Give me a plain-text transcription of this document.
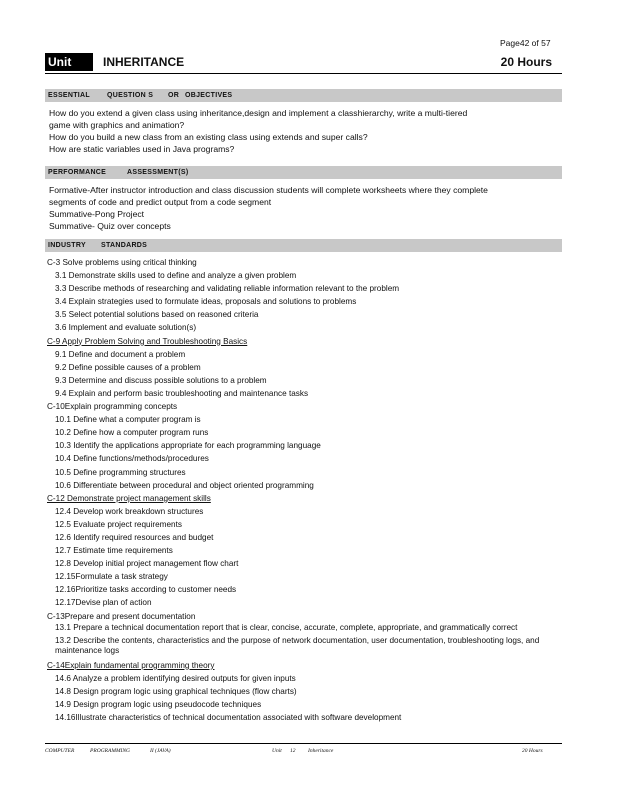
Page42 of 57
Unit 12
INHERITANCE	20 Hours
ESSENTIAL QUESTION S OR OBJECTIVES
How do you extend a given class using inheritance,design and implement a classhierarchy, write a multi-tiered
game with graphics and animation?
How do you build a new class from an existing class using extends and super calls?
How are static variables used in Java programs?
PERFORMANCE	ASSESSMENT(S)
Formative-After instructor introduction and class discussion students will complete worksheets where they complete
segments of code and predict output from a code segment
Summative-Pong Project
Summative- Quiz over concepts
INDUSTRY STANDARDS
C-3 Solve problems using critical thinking
3.1 Demonstrate skills used to define and analyze a given problem
3.3 Describe methods of researching and validating reliable information relevant to the problem
3.4 Explain strategies used to formulate ideas, proposals and solutions to problems
3.5 Select potential solutions based on reasoned criteria
3.6 Implement and evaluate solution(s)
C-9 Apply Problem Solving and Troubleshooting Basics
9.1 Define and document a problem
9.2 Define possible causes of a problem
9.3 Determine and discuss possible solutions to a problem
9.4 Explain and perform basic troubleshooting and maintenance tasks
C-10Explain programming concepts
10.1 Define what a computer program is
10.2 Define how a computer program runs
10.3 Identify the applications appropriate for each programming language
10.4 Define functions/methods/procedures
10.5 Define programming structures
10.6 Differentiate between procedural and object oriented programming
C-12 Demonstrate project management skills
12.4 Develop work breakdown structures
12.5 Evaluate project requirements
12.6 Identify required resources and budget
12.7 Estimate time requirements
12.8 Develop initial project management flow chart
12.15Formulate a task strategy
12.16Prioritize tasks according to customer needs
12.17Devise plan of action
C-13Prepare and present documentation
13.1 Prepare a technical documentation report that is clear, concise, accurate, complete, appropriate, and grammatically correct
13.2 Describe the contents, characteristics and the purpose of network documentation, user documentation, troubleshooting logs, and maintenance logs
C-14Explain fundamental programming theory
14.6 Analyze a problem identifying desired outputs for given inputs
14.8 Design program logic using graphical techniques (flow charts)
14.9 Design program logic using pseudocode techniques
14.16Illustrate characteristics of technical documentation associated with software development
COMPUTER	PROGRAMMING	II (JAVA)	Unit 12 Inheritance	20 Hours
